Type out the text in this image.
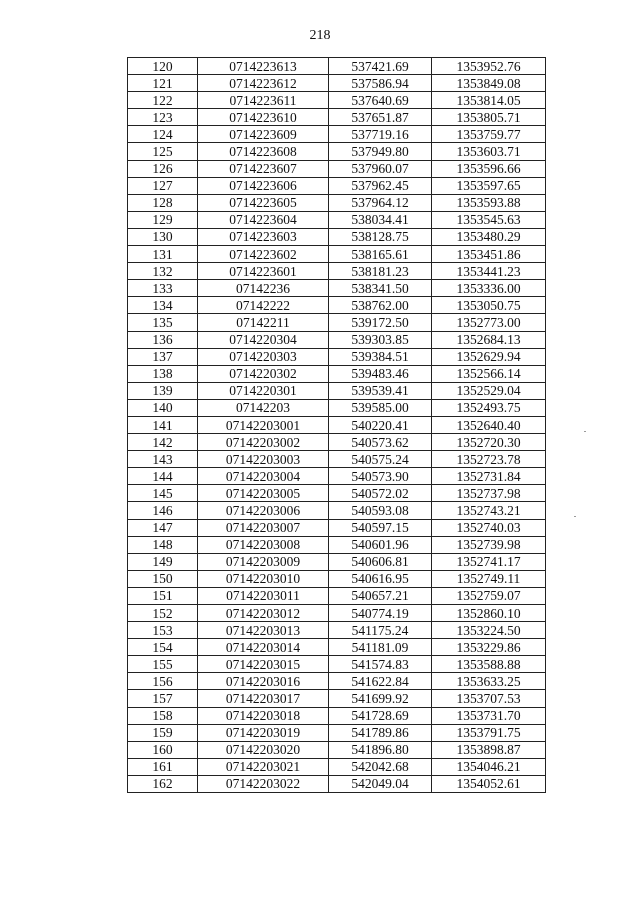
218
120	0714223613	537421.69	1353952.76
121	0714223612	537586.94	1353849.08
122	0714223611	537640.69	1353814.05
123	0714223610	537651.87	1353805.71
124	0714223609	537719.16	1353759.77
125	0714223608	537949.80	1353603.71
126	0714223607	537960.07	1353596.66
127	0714223606	537962.45	1353597.65
128	0714223605	537964.12	1353593.88
129	0714223604	538034.41	1353545.63
130	0714223603	538128.75	1353480.29
131	0714223602	538165.61	1353451.86
132	0714223601	538181.23	1353441.23
133	07142236	538341.50	1353336.00
134	07142222	538762.00	1353050.75
135	07142211	539172.50	1352773.00
136	0714220304	539303.85	1352684.13
137	0714220303	539384.51	1352629.94
138	0714220302	539483.46	1352566.14
139	0714220301	539539.41	1352529.04
140	07142203	539585.00	1352493.75
141	07142203001	540220.41	1352640.40
142	07142203002	540573.62	1352720.30
143	07142203003	540575.24	1352723.78
144	07142203004	540573.90	1352731.84
145	07142203005	540572.02	1352737.98
146	07142203006	540593.08	1352743.21
147	07142203007	540597.15	1352740.03
148	07142203008	540601.96	1352739.98
149	07142203009	540606.81	1352741.17
150	07142203010	540616.95	1352749.11
151	07142203011	540657.21	1352759.07
152	07142203012	540774.19	1352860.10
153	07142203013	541175.24	1353224.50
154	07142203014	541181.09	1353229.86
155	07142203015	541574.83	1353588.88
156	07142203016	541622.84	1353633.25
157	07142203017	541699.92	1353707.53
158	07142203018	541728.69	1353731.70
159	07142203019	541789.86	1353791.75
160	07142203020	541896.80	1353898.87
161	07142203021	542042.68	1354046.21
162	07142203022	542049.04	1354052.61
